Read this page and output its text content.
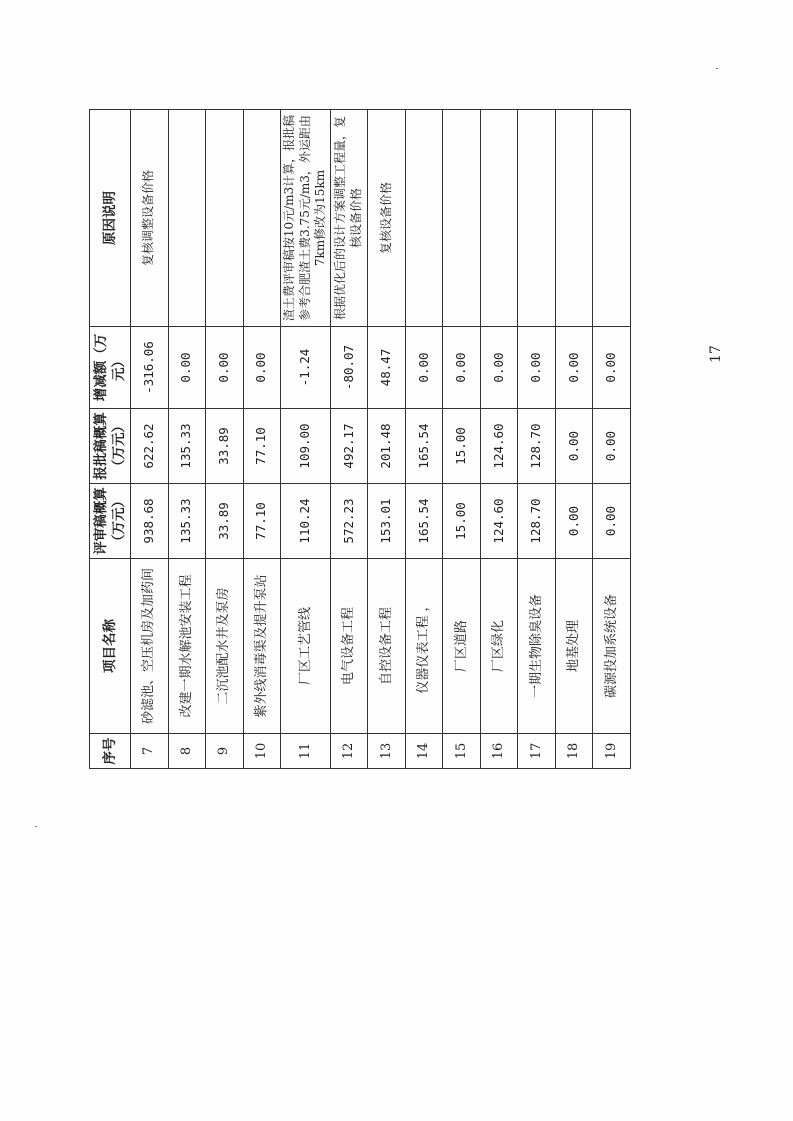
序号	项目名称	评审稿概算（万元）	报批稿概算（万元）	增减额（万元）	原因说明
7	砂滤池、空压机房及加药间	938.68	622.62	-316.06	复核调整设备价格
8	改建一期水解池安装工程	135.33	135.33	0.00	
9	二沉池配水井及泵房	33.89	33.89	0.00	
10	紫外线消毒渠及提升泵站	77.10	77.10	0.00	
11	厂区工艺管线	110.24	109.00	-1.24	渣土费评审稿按10元/m3计算，报批稿参考合肥渣土费3.75元/m3，外运距由7km修改为15km
12	电气设备工程	572.23	492.17	-80.07	根据优化后的设计方案调整工程量，复核设备价格
13	自控设备工程	153.01	201.48	48.47	复核设备价格
14	仪器仪表工程 ，	165.54	165.54	0.00	
15	厂区道路	15.00	15.00	0.00	
16	厂区绿化	124.60	124.60	0.00	
17	一期生物除臭设备	128.70	128.70	0.00	
18	地基处理	0.00	0.00	0.00	
19	碳源投加系统设备	0.00	0.00	0.00		17
